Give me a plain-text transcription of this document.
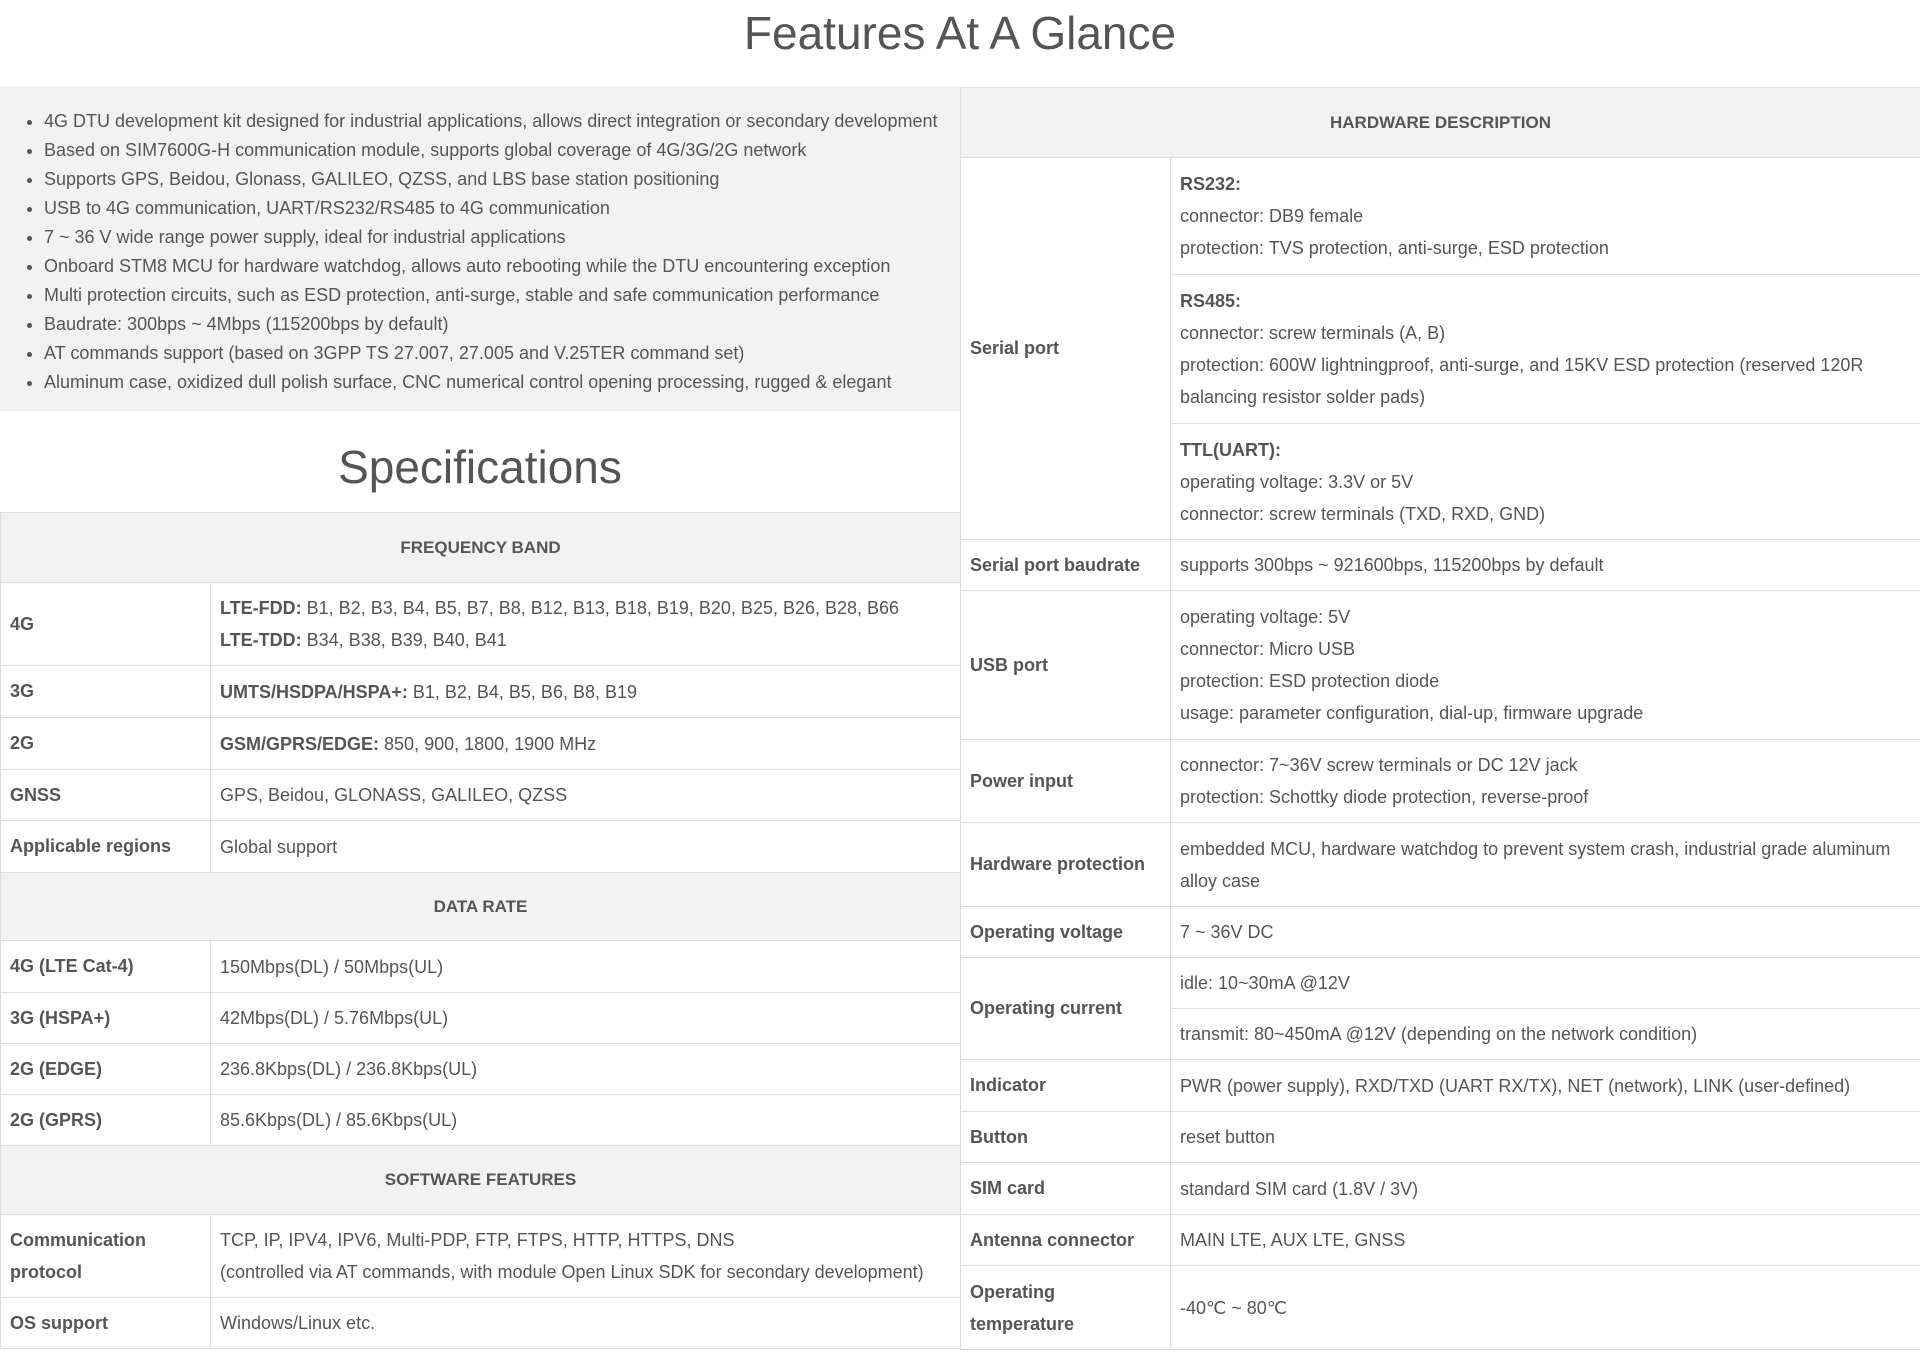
Features At A Glance
• 4G DTU development kit designed for industrial applications, allows direct integration or secondary development
• Based on SIM7600G-H communication module, supports global coverage of 4G/3G/2G network
• Supports GPS, Beidou, Glonass, GALILEO, QZSS, and LBS base station positioning
• USB to 4G communication, UART/RS232/RS485 to 4G communication
• 7 ~ 36 V wide range power supply, ideal for industrial applications
• Onboard STM8 MCU for hardware watchdog, allows auto rebooting while the DTU encountering exception
• Multi protection circuits, such as ESD protection, anti-surge, stable and safe communication performance
• Baudrate: 300bps ~ 4Mbps (115200bps by default)
• AT commands support (based on 3GPP TS 27.007, 27.005 and V.25TER command set)
• Aluminum case, oxidized dull polish surface, CNC numerical control opening processing, rugged & elegant
Specifications
FREQUENCY BAND	
4G	LTE-FDD: B1, B2, B3, B4, B5, B7, B8, B12, B13, B18, B19, B20, B25, B26, B28, B66
LTE-TDD: B34, B38, B39, B40, B41

3G	UMTS/HSDPA/HSPA+: B1, B2, B4, B5, B6, B8, B19
2G	GSM/GPRS/EDGE: 850, 900, 1800, 1900 MHz
GNSS	GPS, Beidou, GLONASS, GALILEO, QZSS
Applicable regions	Global support
DATA RATE	
4G (LTE Cat-4)	150Mbps(DL) / 50Mbps(UL)
3G (HSPA+)	42Mbps(DL) / 5.76Mbps(UL)
2G (EDGE)	236.8Kbps(DL) / 236.8Kbps(UL)
2G (GPRS)	85.6Kbps(DL) / 85.6Kbps(UL)
SOFTWARE FEATURES	
Communication protocol	TCP, IP, IPV4, IPV6, Multi-PDP, FTP, FTPS, HTTP, HTTPS, DNS
(controlled via AT commands, with module Open Linux SDK for secondary development)

OS support	Windows/Linux etc.
HARDWARE DESCRIPTION	
Serial port	RS232:
connector: DB9 female
protection: TVS protection, anti-surge, ESD protection

	RS485:
connector: screw terminals (A, B)
protection: 600W lightningproof, anti-surge, and 15KV ESD protection (reserved 120R balancing resistor solder pads)

	TTL(UART):
operating voltage: 3.3V or 5V
connector: screw terminals (TXD, RXD, GND)

Serial port baudrate	supports 300bps ~ 921600bps, 115200bps by default
USB port	operating voltage: 5V
connector: Micro USB
protection: ESD protection diode
usage: parameter configuration, dial-up, firmware upgrade

Power input	connector: 7~36V screw terminals or DC 12V jack
protection: Schottky diode protection, reverse-proof

Hardware protection	embedded MCU, hardware watchdog to prevent system crash, industrial grade aluminum alloy case
Operating voltage	7 ~ 36V DC
Operating current	idle: 10~30mA @12V
	transmit: 80~450mA @12V (depending on the network condition)
Indicator	PWR (power supply), RXD/TXD (UART RX/TX), NET (network), LINK (user-defined)
Button	reset button
SIM card	standard SIM card (1.8V / 3V)
Antenna connector	MAIN LTE, AUX LTE, GNSS
Operating temperature	-40℃ ~ 80℃
